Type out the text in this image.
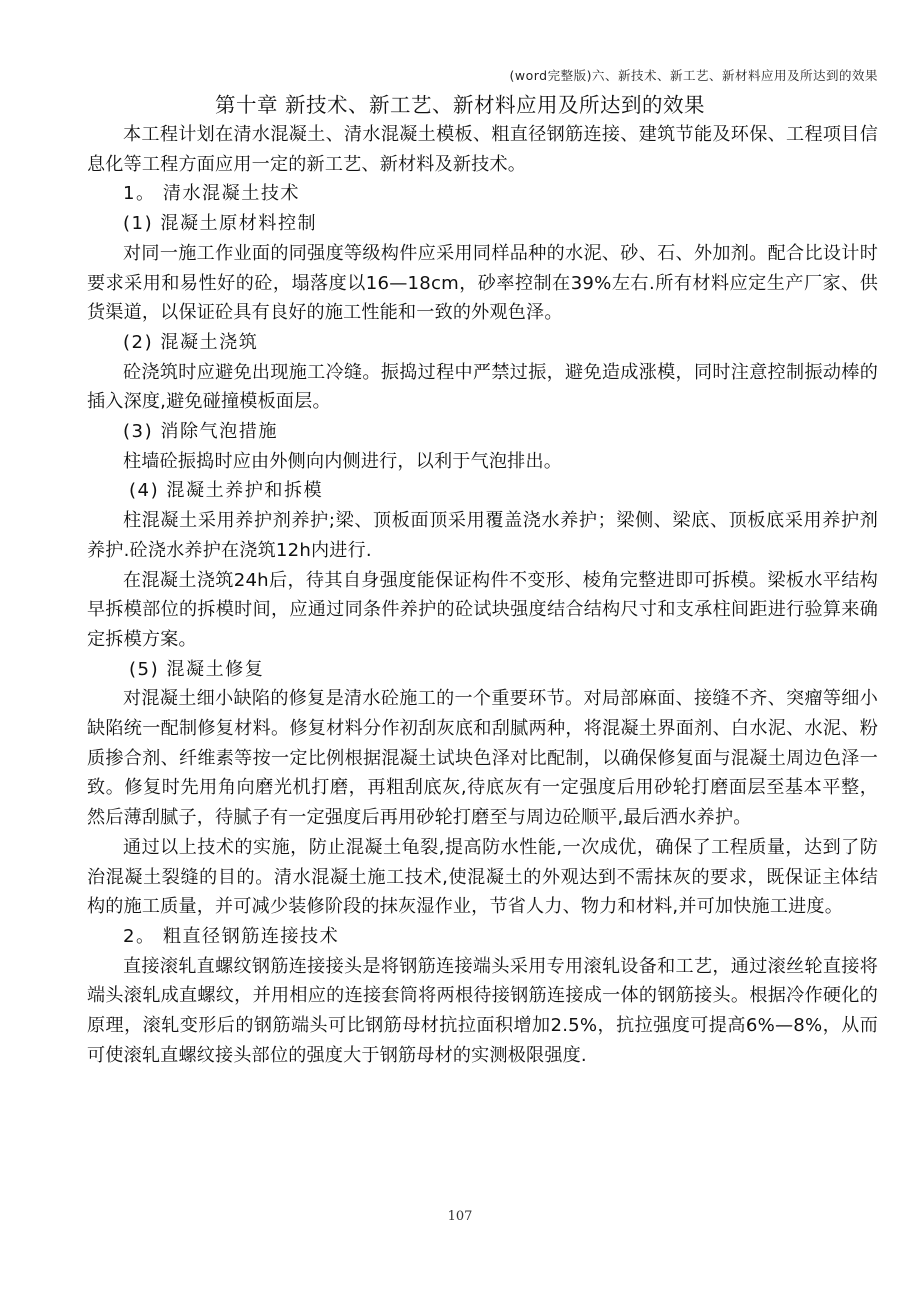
(word完整版)六、新技术、新工艺、新材料应用及所达到的效果
第十章 新技术、新工艺、新材料应用及所达到的效果

本工程计划在清水混凝土、清水混凝土模板、粗直径钢筋连接、建筑节能及环保、工程项目信息化等工程方面应用一定的新工艺、新材料及新技术。

1。 清水混凝土技术

(1) 混凝土原材料控制

对同一施工作业面的同强度等级构件应采用同样品种的水泥、砂、石、外加剂。配合比设计时要求采用和易性好的砼，塌落度以16—18cm，砂率控制在39%左右.所有材料应定生产厂家、供货渠道，以保证砼具有良好的施工性能和一致的外观色泽。

(2) 混凝土浇筑

砼浇筑时应避免出现施工冷缝。振捣过程中严禁过振，避免造成涨模，同时注意控制振动棒的插入深度,避免碰撞模板面层。

(3) 消除气泡措施

柱墙砼振捣时应由外侧向内侧进行，以利于气泡排出。

(4) 混凝土养护和拆模

柱混凝土采用养护剂养护;梁、顶板面顶采用覆盖浇水养护；梁侧、梁底、顶板底采用养护剂养护.砼浇水养护在浇筑12h内进行.

在混凝土浇筑24h后，待其自身强度能保证构件不变形、棱角完整进即可拆模。梁板水平结构早拆模部位的拆模时间，应通过同条件养护的砼试块强度结合结构尺寸和支承柱间距进行验算来确定拆模方案。

(5) 混凝土修复

对混凝土细小缺陷的修复是清水砼施工的一个重要环节。对局部麻面、接缝不齐、突瘤等细小缺陷统一配制修复材料。修复材料分作初刮灰底和刮腻两种，将混凝土界面剂、白水泥、水泥、粉质掺合剂、纤维素等按一定比例根据混凝土试块色泽对比配制，以确保修复面与混凝土周边色泽一致。修复时先用角向磨光机打磨，再粗刮底灰,待底灰有一定强度后用砂轮打磨面层至基本平整，然后薄刮腻子，待腻子有一定强度后再用砂轮打磨至与周边砼顺平,最后洒水养护。

通过以上技术的实施，防止混凝土龟裂,提高防水性能,一次成优，确保了工程质量，达到了防治混凝土裂缝的目的。清水混凝土施工技术,使混凝土的外观达到不需抹灰的要求，既保证主体结构的施工质量，并可减少装修阶段的抹灰湿作业，节省人力、物力和材料,并可加快施工进度。

2。 粗直径钢筋连接技术

直接滚轧直螺纹钢筋连接接头是将钢筋连接端头采用专用滚轧设备和工艺，通过滚丝轮直接将端头滚轧成直螺纹，并用相应的连接套筒将两根待接钢筋连接成一体的钢筋接头。根据冷作硬化的原理，滚轧变形后的钢筋端头可比钢筋母材抗拉面积增加2.5%，抗拉强度可提高6%—8%，从而可使滚轧直螺纹接头部位的强度大于钢筋母材的实测极限强度.

107
